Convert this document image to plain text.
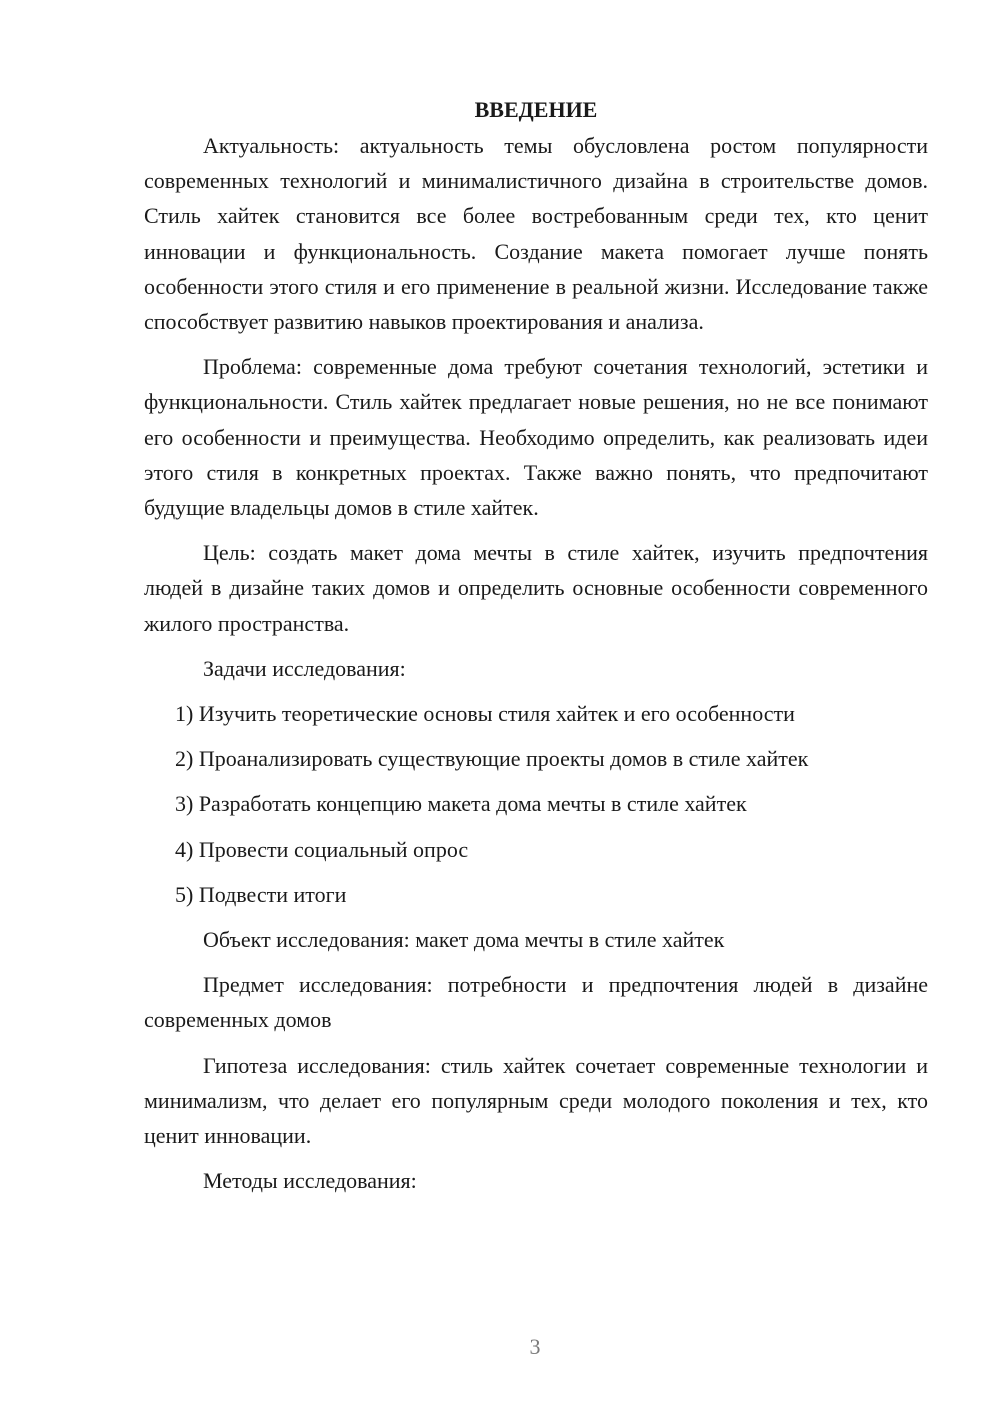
ВВЕДЕНИЕ

Актуальность: актуальность темы обусловлена ростом популярности современных технологий и минималистичного дизайна в строительстве домов. Стиль хайтек становится все более востребованным среди тех, кто ценит инновации и функциональность. Создание макета помогает лучше понять особенности этого стиля и его применение в реальной жизни. Исследование также способствует развитию навыков проектирования и анализа.

Проблема: современные дома требуют сочетания технологий, эстетики и функциональности. Стиль хайтек предлагает новые решения, но не все понимают его особенности и преимущества. Необходимо определить, как реализовать идеи этого стиля в конкретных проектах. Также важно понять, что предпочитают будущие владельцы домов в стиле хайтек.

Цель: создать макет дома мечты в стиле хайтек, изучить предпочтения людей в дизайне таких домов и определить основные особенности современного жилого пространства.

Задачи исследования:

1) Изучить теоретические основы стиля хайтек и его особенности
2) Проанализировать существующие проекты домов в стиле хайтек
3) Разработать концепцию макета дома мечты в стиле хайтек
4) Провести социальный опрос
5) Подвести итоги

Объект исследования: макет дома мечты в стиле хайтек

Предмет исследования: потребности и предпочтения людей в дизайне современных домов

Гипотеза исследования: стиль хайтек сочетает современные технологии и минимализм, что делает его популярным среди молодого поколения и тех, кто ценит инновации.

Методы исследования:

3
